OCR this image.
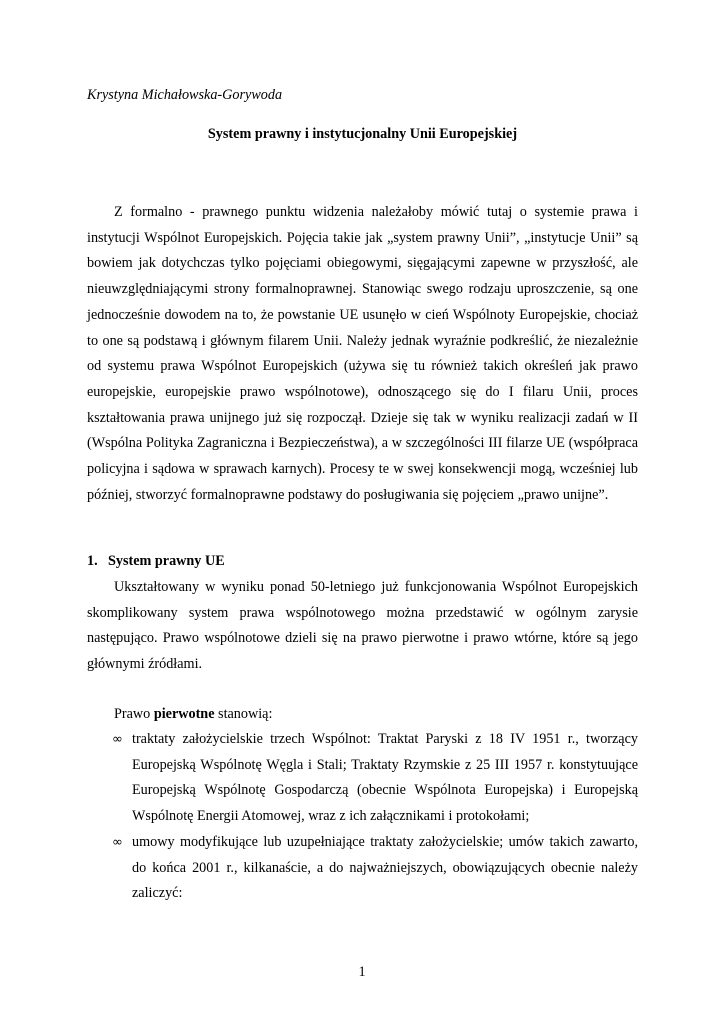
Krystyna Michałowska-Gorywoda
System prawny i instytucjonalny Unii Europejskiej

Z formalno - prawnego punktu widzenia należałoby mówić tutaj o systemie prawa i instytucji Wspólnot Europejskich. Pojęcia takie jak „system prawny Unii”, „instytucje Unii” są bowiem jak dotychczas tylko pojęciami obiegowymi, sięgającymi zapewne w przyszłość, ale nieuwzględniającymi strony formalnoprawnej. Stanowiąc swego rodzaju uproszczenie, są one jednocześnie dowodem na to, że powstanie UE usunęło w cień Wspólnoty Europejskie, chociaż to one są podstawą i głównym filarem Unii. Należy jednak wyraźnie podkreślić, że niezależnie od systemu prawa Wspólnot Europejskich (używa się tu również takich określeń jak prawo europejskie, europejskie prawo wspólnotowe), odnoszącego się do I filaru Unii, proces kształtowania prawa unijnego już się rozpoczął. Dzieje się tak w wyniku realizacji zadań w II (Wspólna Polityka Zagraniczna i Bezpieczeństwa), a w szczególności III filarze UE (współpraca policyjna i sądowa w sprawach karnych). Procesy te w swej konsekwencji mogą, wcześniej lub później, stworzyć formalnoprawne podstawy do posługiwania się pojęciem „prawo unijne”.

1. System prawny UE

Ukształtowany w wyniku ponad 50-letniego już funkcjonowania Wspólnot Europejskich skomplikowany system prawa wspólnotowego można przedstawić w ogólnym zarysie następująco. Prawo wspólnotowe dzieli się na prawo pierwotne i prawo wtórne, które są jego głównymi źródłami.

Prawo pierwotne stanowią:
∞ traktaty założycielskie trzech Wspólnot: Traktat Paryski z 18 IV 1951 r., tworzący Europejską Wspólnotę Węgla i Stali; Traktaty Rzymskie z 25 III 1957 r. konstytuujące Europejską Wspólnotę Gospodarczą (obecnie Wspólnota Europejska) i Europejską Wspólnotę Energii Atomowej, wraz z ich załącznikami i protokołami;
∞ umowy modyfikujące lub uzupełniające traktaty założycielskie; umów takich zawarto, do końca 2001 r., kilkanaście, a do najważniejszych, obowiązujących obecnie należy zaliczyć:
1
